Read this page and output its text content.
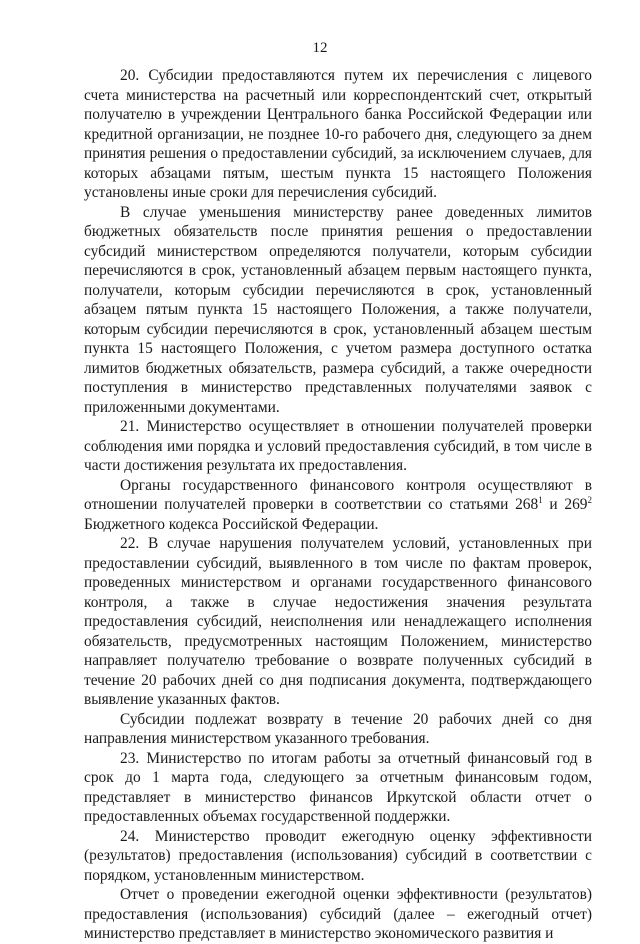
12

20. Субсидии предоставляются путем их перечисления с лицевого счета министерства на расчетный или корреспондентский счет, открытый получателю в учреждении Центрального банка Российской Федерации или кредитной организации, не позднее 10-го рабочего дня, следующего за днем принятия решения о предоставлении субсидий, за исключением случаев, для которых абзацами пятым, шестым пункта 15 настоящего Положения установлены иные сроки для перечисления субсидий.

В случае уменьшения министерству ранее доведенных лимитов бюджетных обязательств после принятия решения о предоставлении субсидий министерством определяются получатели, которым субсидии перечисляются в срок, установленный абзацем первым настоящего пункта, получатели, которым субсидии перечисляются в срок, установленный абзацем пятым пункта 15 настоящего Положения, а также получатели, которым субсидии перечисляются в срок, установленный абзацем шестым пункта 15 настоящего Положения, с учетом размера доступного остатка лимитов бюджетных обязательств, размера субсидий, а также очередности поступления в министерство представленных получателями заявок с приложенными документами.

21. Министерство осуществляет в отношении получателей проверки соблюдения ими порядка и условий предоставления субсидий, в том числе в части достижения результата их предоставления.

Органы государственного финансового контроля осуществляют в отношении получателей проверки в соответствии со статьями $268^1$ и $269^2$ Бюджетного кодекса Российской Федерации.

22. В случае нарушения получателем условий, установленных при предоставлении субсидий, выявленного в том числе по фактам проверок, проведенных министерством и органами государственного финансового контроля, а также в случае недостижения значения результата предоставления субсидий, неисполнения или ненадлежащего исполнения обязательств, предусмотренных настоящим Положением, министерство направляет получателю требование о возврате полученных субсидий в течение 20 рабочих дней со дня подписания документа, подтверждающего выявление указанных фактов.

Субсидии подлежат возврату в течение 20 рабочих дней со дня направления министерством указанного требования.

23. Министерство по итогам работы за отчетный финансовый год в срок до 1 марта года, следующего за отчетным финансовым годом, представляет в министерство финансов Иркутской области отчет о предоставленных объемах государственной поддержки.

24. Министерство проводит ежегодную оценку эффективности (результатов) предоставления (использования) субсидий в соответствии с порядком, установленным министерством.

Отчет о проведении ежегодной оценки эффективности (результатов) предоставления (использования) субсидий (далее – ежегодный отчет) министерство представляет в министерство экономического развития и
